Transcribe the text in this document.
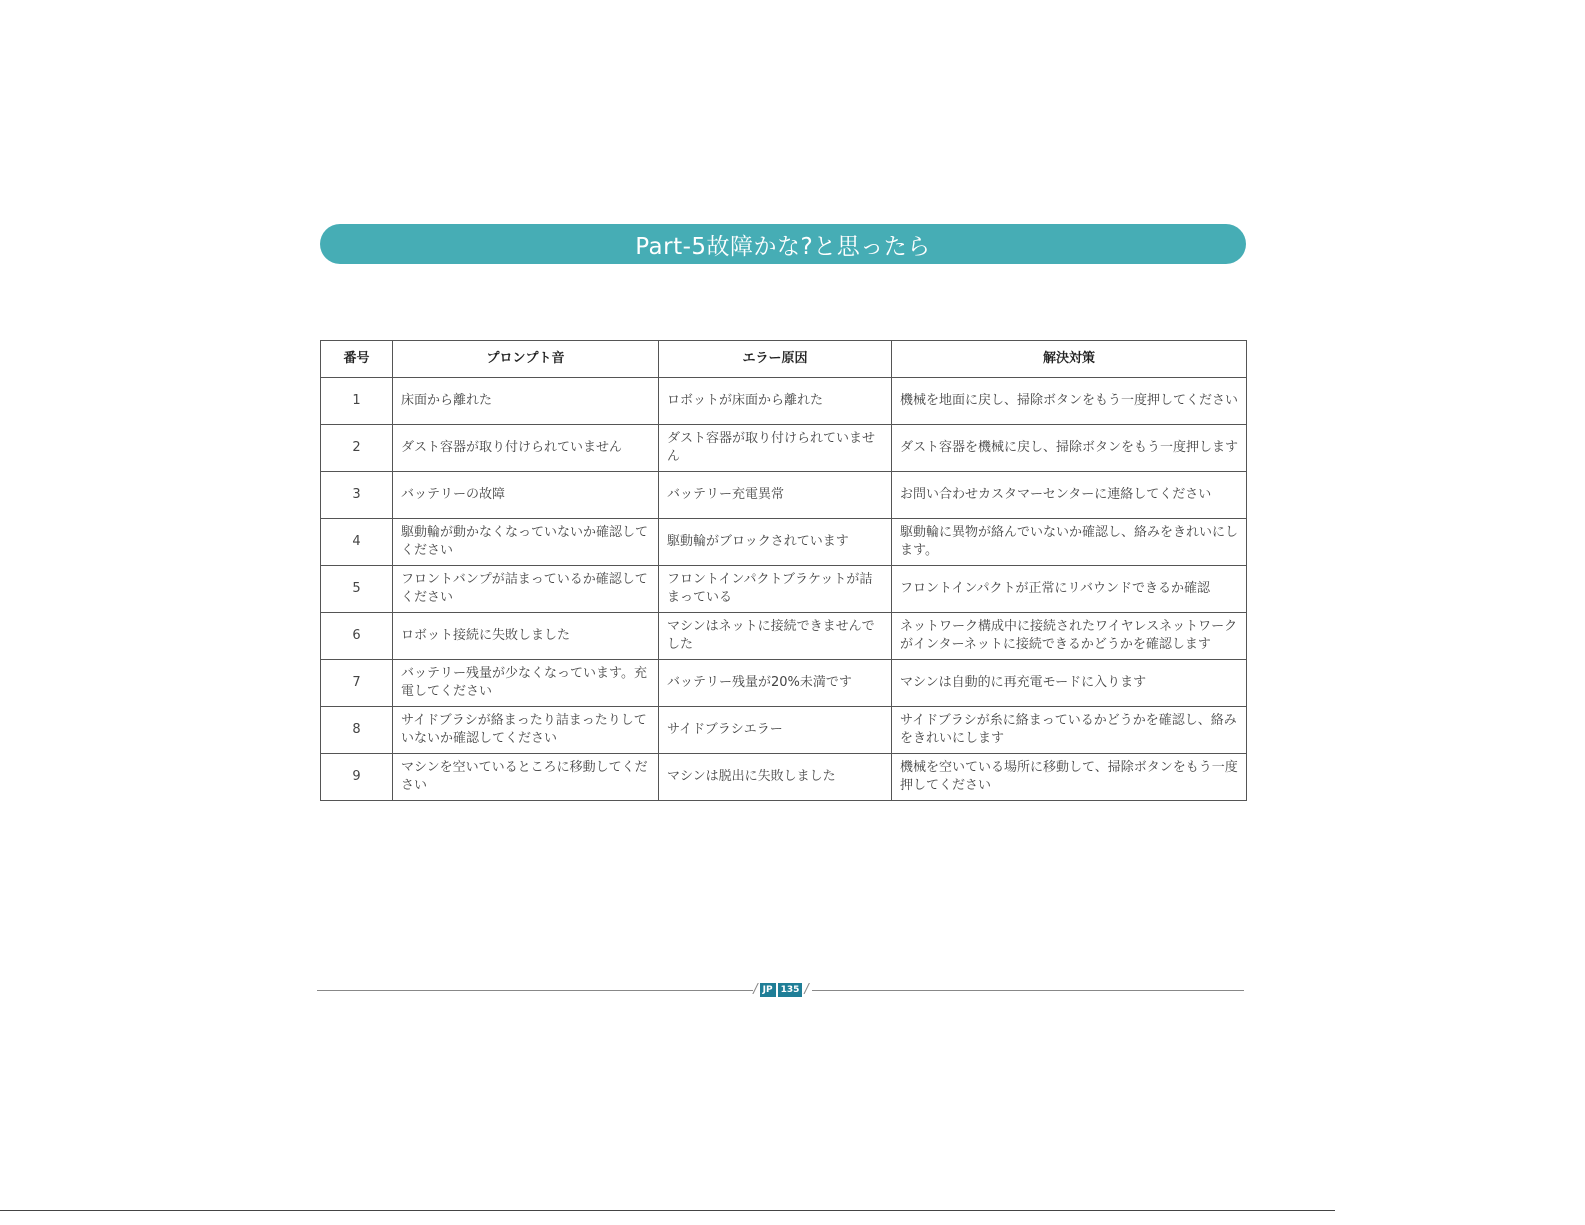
Part-5故障かな?と思ったら
番号	プロンプト音	エラー原因	解決対策
1	床面から離れた	ロボットが床面から離れた	機械を地面に戻し、掃除ボタンをもう一度押してください
2	ダスト容器が取り付けられていません	ダスト容器が取り付けられていません	ダスト容器を機械に戻し、掃除ボタンをもう一度押します
3	バッテリーの故障	バッテリー充電異常	お問い合わせカスタマーセンターに連絡してください
4	駆動輪が動かなくなっていないか確認してください	駆動輪がブロックされています	駆動輪に異物が絡んでいないか確認し、絡みをきれいにします。
5	フロントバンプが詰まっているか確認してください	フロントインパクトブラケットが詰まっている	フロントインパクトが正常にリバウンドできるか確認
6	ロボット接続に失敗しました	マシンはネットに接続できませんでした	ネットワーク構成中に接続されたワイヤレスネットワークがインターネットに接続できるかどうかを確認します
7	バッテリー残量が少なくなっています。充電してください	バッテリー残量が20%未満です	マシンは自動的に再充電モードに入ります
8	サイドブラシが絡まったり詰まったりしていないか確認してください	サイドブラシエラー	サイドブラシが糸に絡まっているかどうかを確認し、絡みをきれいにします
9	マシンを空いているところに移動してください	マシンは脱出に失敗しました	機械を空いている場所に移動して、掃除ボタンをもう一度押してください
/ JP 135 /
